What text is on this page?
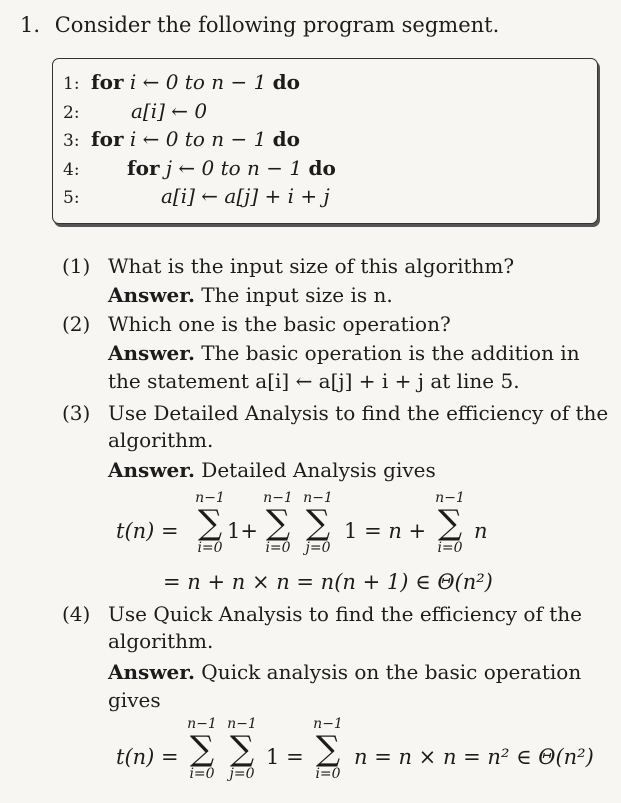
1. Consider the following program segment.
1: for i ← 0 to n − 1 do
2:	a[i] ← 0
3: for i ← 0 to n − 1 do
4: for j ← 0 to n − 1 do
5:	a[i] ← a[j] + i + j
(1) What is the input size of this algorithm?
Answer. The input size is n.
(2) Which one is the basic operation?
Answer. The basic operation is the addition in
the statement a[i] ← a[j] + i + j at line 5.
(3) Use Detailed Analysis to find the efficiency of the
algorithm.
Answer. Detailed Analysis gives
t(n) =
n−1
∑
i=0
1+
n−1
∑
i=0
n−1
∑
j=0
1 = n +
n−1
∑
i=0
n
= n + n × n = n(n + 1) ∈ Θ(n²)
(4) Use Quick Analysis to find the efficiency of the
algorithm.
Answer. Quick analysis on the basic operation
gives
t(n) =
n−1
∑
i=0
n−1
∑
j=0
1 =
n−1
∑
i=0
n = n × n = n² ∈ Θ(n²)
